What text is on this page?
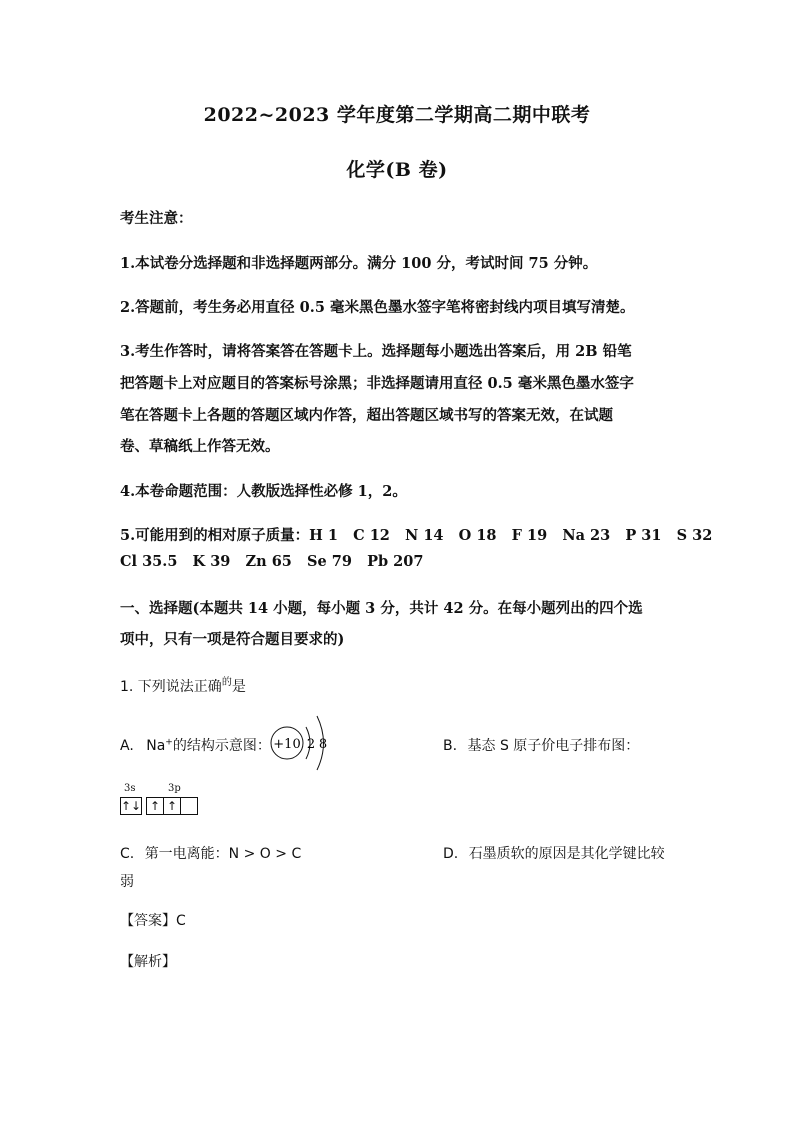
2022~2023 学年度第二学期高二期中联考
化学(B 卷)
考生注意：
1.本试卷分选择题和非选择题两部分。满分 100 分，考试时间 75 分钟。
2.答题前，考生务必用直径 0.5 毫米黑色墨水签字笔将密封线内项目填写清楚。
3.考生作答时，请将答案答在答题卡上。选择题每小题选出答案后，用 2B 铅笔
把答题卡上对应题目的答案标号涂黑；非选择题请用直径 0.5 毫米黑色墨水签字
笔在答题卡上各题的答题区域内作答，超出答题区域书写的答案无效，在试题
卷、草稿纸上作答无效。
4.本卷命题范围：人教版选择性必修 1，2。
5.可能用到的相对原子质量：H 1   C 12   N 14   O 18   F 19   Na 23   P 31   S 32
Cl 35.5   K 39   Zn 65   Se 79   Pb 207
一、选择题(本题共 14 小题，每小题 3 分，共计 42 分。在每小题列出的四个选
项中，只有一项是符合题目要求的)
1. 下列说法正确$^的$是
A. Na+的结构示意图： +10 2 8	B. 基态 S 原子价电子排布图：
3s	3p
↑↓ ↑	↑	
C. 第一电离能：N > O > C	D. 石墨质软的原因是其化学键比较
弱
【答案】C
【解析】
